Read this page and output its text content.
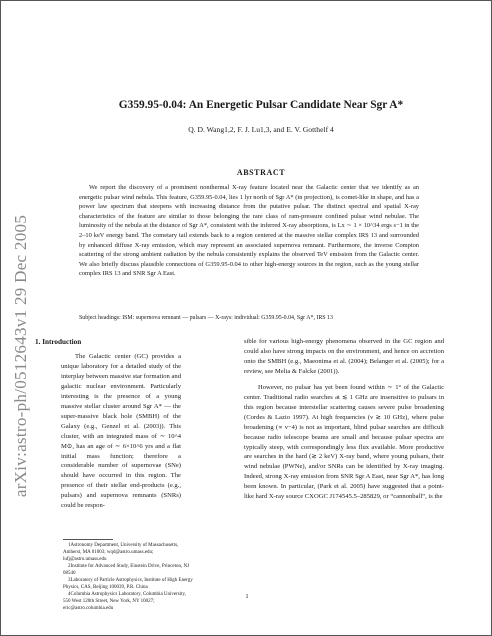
arXiv:astro-ph/0512643v1 29 Dec 2005
G359.95-0.04: An Energetic Pulsar Candidate Near Sgr A*
Q. D. Wang1,2, F. J. Lu1,3, and E. V. Gotthelf 4
ABSTRACT

We report the discovery of a prominent nonthermal X-ray feature located near the Galactic center that we identify as an energetic pulsar wind nebula. This feature, G359.95-0.04, lies 1 lyr north of Sgr A* (in projection), is comet-like in shape, and has a power law spectrum that steepens with increasing distance from the putative pulsar. The distinct spectral and spatial X-ray characteristics of the feature are similar to those belonging the rare class of ram-pressure confined pulsar wind nebulae. The luminosity of the nebula at the distance of Sgr A*, consistent with the inferred X-ray absorptions, is Lx ∼ 1 × 10^34 ergs s−1 in the 2–10 keV energy band. The cometary tail extends back to a region centered at the massive stellar complex IRS 13 and surrounded by enhanced diffuse X-ray emission, which may represent an associated supernova remnant. Furthermore, the inverse Compton scattering of the strong ambient radiation by the nebula consistently explains the observed TeV emission from the Galactic center. We also briefly discuss plausible connections of G359.95-0.04 to other high-energy sources in the region, such as the young stellar complex IRS 13 and SNR Sgr A East.

Subject headings: ISM: supernova remnant — pulsars — X-rays: individual: G359.95-0.04, Sgr A*, IRS 13

1. Introduction

The Galactic center (GC) provides a unique laboratory for a detailed study of the interplay between massive star formation and galactic nuclear environment. Particularly interesting is the presence of a young massive stellar cluster around Sgr A* — the super-massive black hole (SMBH) of the Galaxy (e.g., Genzel et al. (2003)). This cluster, with an integrated mass of ∼ 10^4 M⊙, has an age of ∼ 6×10^6 yrs and a flat initial mass function; therefore a considerable number of supernovae (SNe) should have occurred in this region. The presence of their stellar end-products (e.g., pulsars) and supernova remnants (SNRs) could be respon-

sible for various high-energy phenomena observed in the GC region and could also have strong impacts on the environment, and hence on accretion onto the SMBH (e.g., Maeonima et al. (2004); Belanger et al. (2005); for a review, see Melia & Falcke (2001)).

However, no pulsar has yet been found within ∼ 1° of the Galactic center. Traditional radio searches at ≲ 1 GHz are insensitive to pulsars in this region because interstellar scattering causes severe pulse broadening (Cordes & Lazio 1997). At high frequencies (ν ≳ 10 GHz), where pulse broadening (∝ ν−4) is not as important, blind pulsar searches are difficult because radio telescope beams are small and because pulsar spectra are typically steep, with correspondingly less flux available. More productive are searches in the hard (≳ 2 keV) X-ray band, where young pulsars, their wind nebulae (PWNe), and/or SNRs can be identified by X-ray imaging. Indeed, strong X-ray emission from SNR Sgr A East, near Sgr A*, has long been known. In particular, (Park et al. 2005) have suggested that a point-like hard X-ray source CXOGC J174545.5–285829, or “cannonball”, is the

1Astronomy Department, University of Massachusetts, Amherst, MA 01003; wqd@astro.umass.edu; lufj@astro.umass.edu

2Institute for Advanced Study, Einstein Drive, Princeton, NJ 08540

3Laboratory of Particle Astrophysics, Institute of High Energy Physics, CAS, Beijing 100039, P.R. China

4Columbia Astrophysics Laboratory, Columbia University, 550 West 120th Street, New York, NY 10027; eric@astro.columbia.edu

1
